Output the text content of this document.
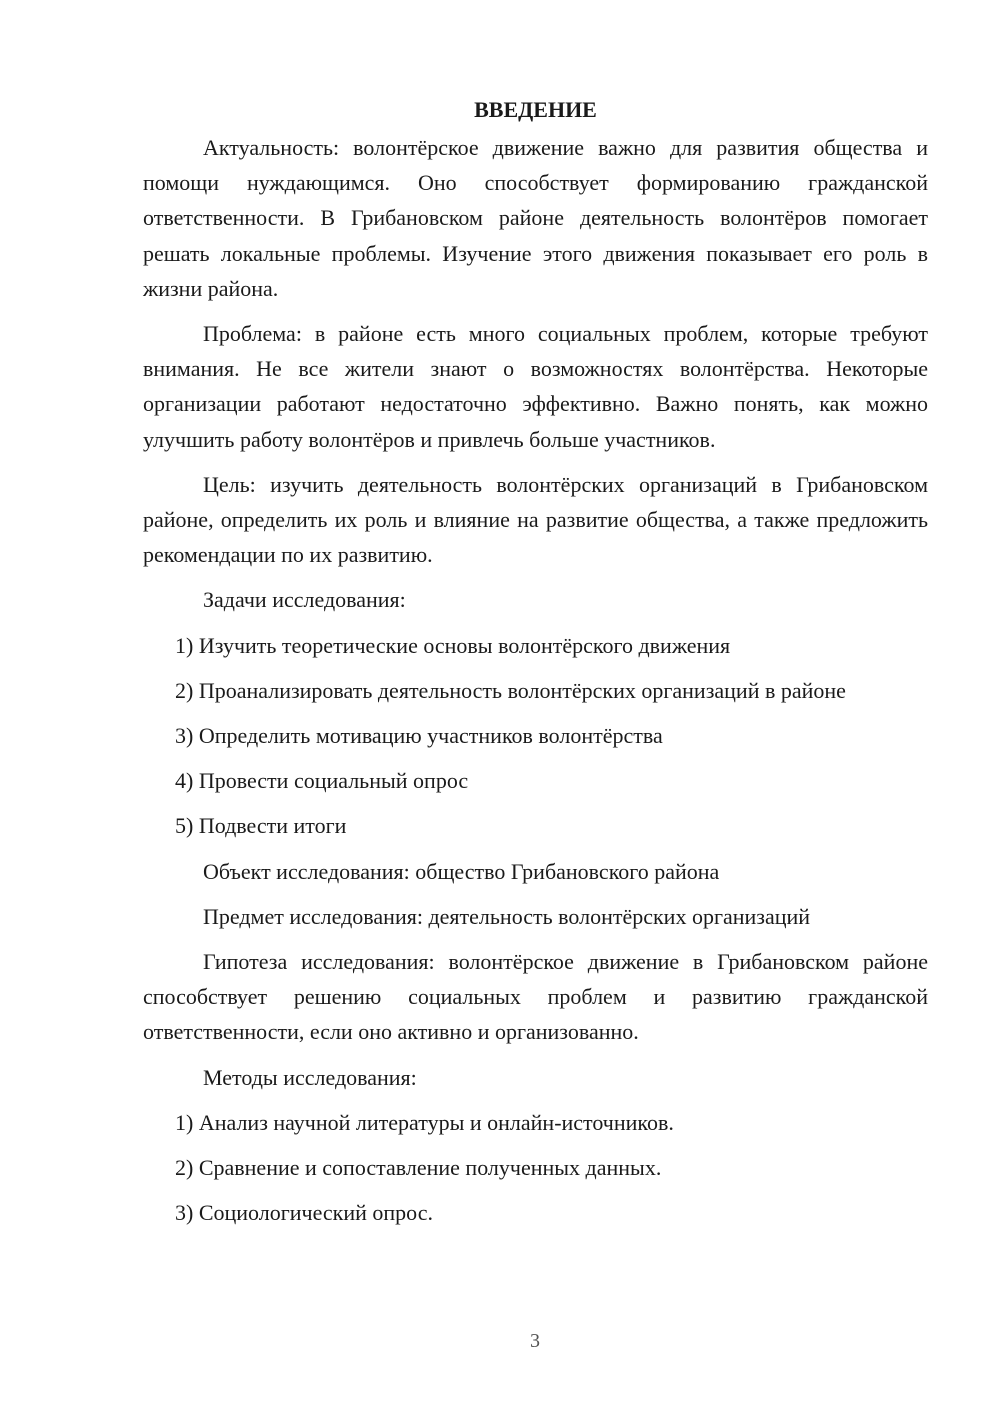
ВВЕДЕНИЕ

Актуальность: волонтёрское движение важно для развития общества и помощи нуждающимся. Оно способствует формированию гражданской ответственности. В Грибановском районе деятельность волонтёров помогает решать локальные проблемы. Изучение этого движения показывает его роль в жизни района.

Проблема: в районе есть много социальных проблем, которые требуют внимания. Не все жители знают о возможностях волонтёрства. Некоторые организации работают недостаточно эффективно. Важно понять, как можно улучшить работу волонтёров и привлечь больше участников.

Цель: изучить деятельность волонтёрских организаций в Грибановском районе, определить их роль и влияние на развитие общества, а также предложить рекомендации по их развитию.

Задачи исследования:
1) Изучить теоретические основы волонтёрского движения
2) Проанализировать деятельность волонтёрских организаций в районе
3) Определить мотивацию участников волонтёрства
4) Провести социальный опрос
5) Подвести итоги
Объект исследования: общество Грибановского района
Предмет исследования: деятельность волонтёрских организаций

Гипотеза исследования: волонтёрское движение в Грибановском районе способствует решению социальных проблем и развитию гражданской ответственности, если оно активно и организованно.

Методы исследования:
1) Анализ научной литературы и онлайн-источников.
2) Сравнение и сопоставление полученных данных.
3) Социологический опрос.
3
